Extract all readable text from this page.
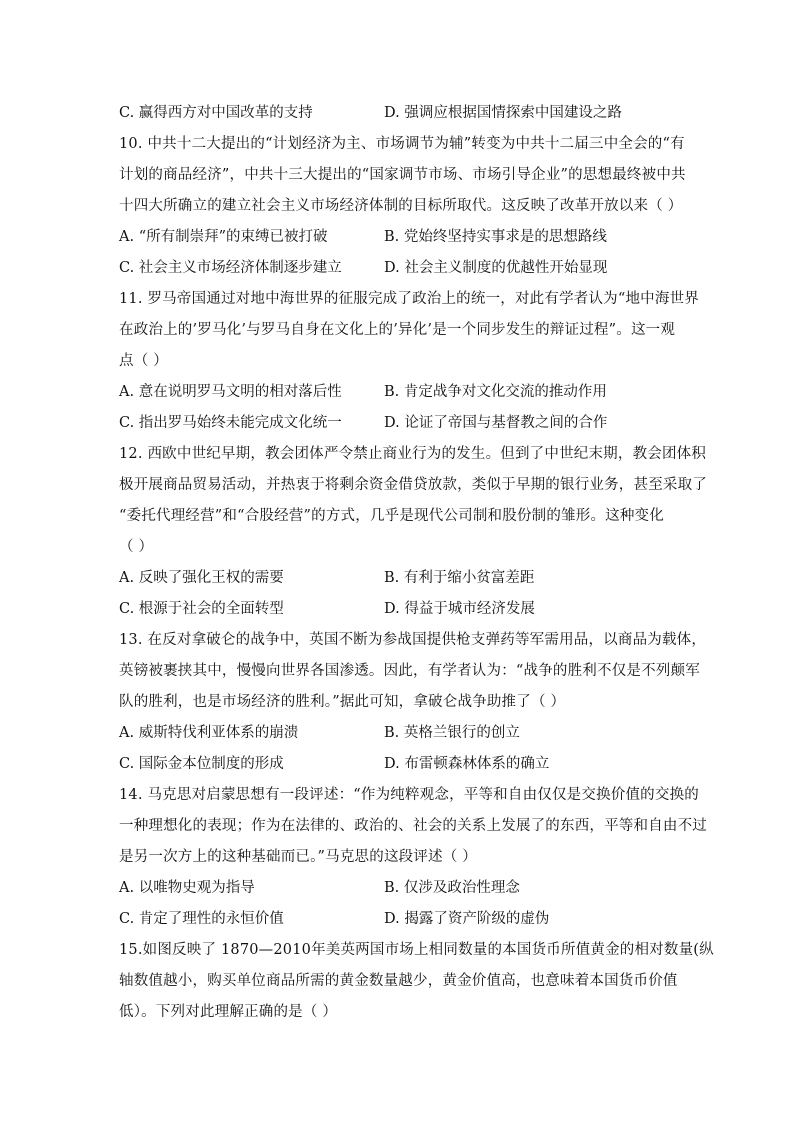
C. 赢得西方对中国改革的支持	D. 强调应根据国情探索中国建设之路
10. 中共十二大提出的“计划经济为主、市场调节为辅”转变为中共十二届三中全会的“有
计划的商品经济”，中共十三大提出的“国家调节市场、市场引导企业”的思想最终被中共
十四大所确立的建立社会主义市场经济体制的目标所取代。这反映了改革开放以来（ ）
A. “所有制崇拜”的束缚已被打破	B. 党始终坚持实事求是的思想路线
C. 社会主义市场经济体制逐步建立	D. 社会主义制度的优越性开始显现
11. 罗马帝国通过对地中海世界的征服完成了政治上的统一，对此有学者认为“地中海世界
在政治上的’罗马化’与罗马自身在文化上的’异化’是一个同步发生的辩证过程”。这一观
点（ ）
A. 意在说明罗马文明的相对落后性	B. 肯定战争对文化交流的推动作用
C. 指出罗马始终未能完成文化统一	D. 论证了帝国与基督教之间的合作
12. 西欧中世纪早期，教会团体严令禁止商业行为的发生。但到了中世纪末期，教会团体积
极开展商品贸易活动，并热衷于将剩余资金借贷放款，类似于早期的银行业务，甚至采取了
“委托代理经营”和“合股经营”的方式，几乎是现代公司制和股份制的雏形。这种变化
（ ）
A. 反映了强化王权的需要	B. 有利于缩小贫富差距
C. 根源于社会的全面转型	D. 得益于城市经济发展
13. 在反对拿破仑的战争中，英国不断为参战国提供枪支弹药等军需用品，以商品为载体，
英镑被裹挟其中，慢慢向世界各国渗透。因此，有学者认为：“战争的胜利不仅是不列颠军
队的胜利，也是市场经济的胜利。”据此可知，拿破仑战争助推了（ ）
A. 威斯特伐利亚体系的崩溃	B. 英格兰银行的创立
C. 国际金本位制度的形成	D. 布雷顿森林体系的确立
14. 马克思对启蒙思想有一段评述：“作为纯粹观念，平等和自由仅仅是交换价值的交换的
一种理想化的表现；作为在法律的、政治的、社会的关系上发展了的东西，平等和自由不过
是另一次方上的这种基础而已。”马克思的这段评述（ ）
A. 以唯物史观为指导	B. 仅涉及政治性理念
C. 肯定了理性的永恒价值	D. 揭露了资产阶级的虚伪
15.如图反映了 1870—2010年美英两国市场上相同数量的本国货币所值黄金的相对数量(纵
轴数值越小，购买单位商品所需的黄金数量越少，黄金价值高，也意味着本国货币价值
低）。下列对此理解正确的是（ ）
